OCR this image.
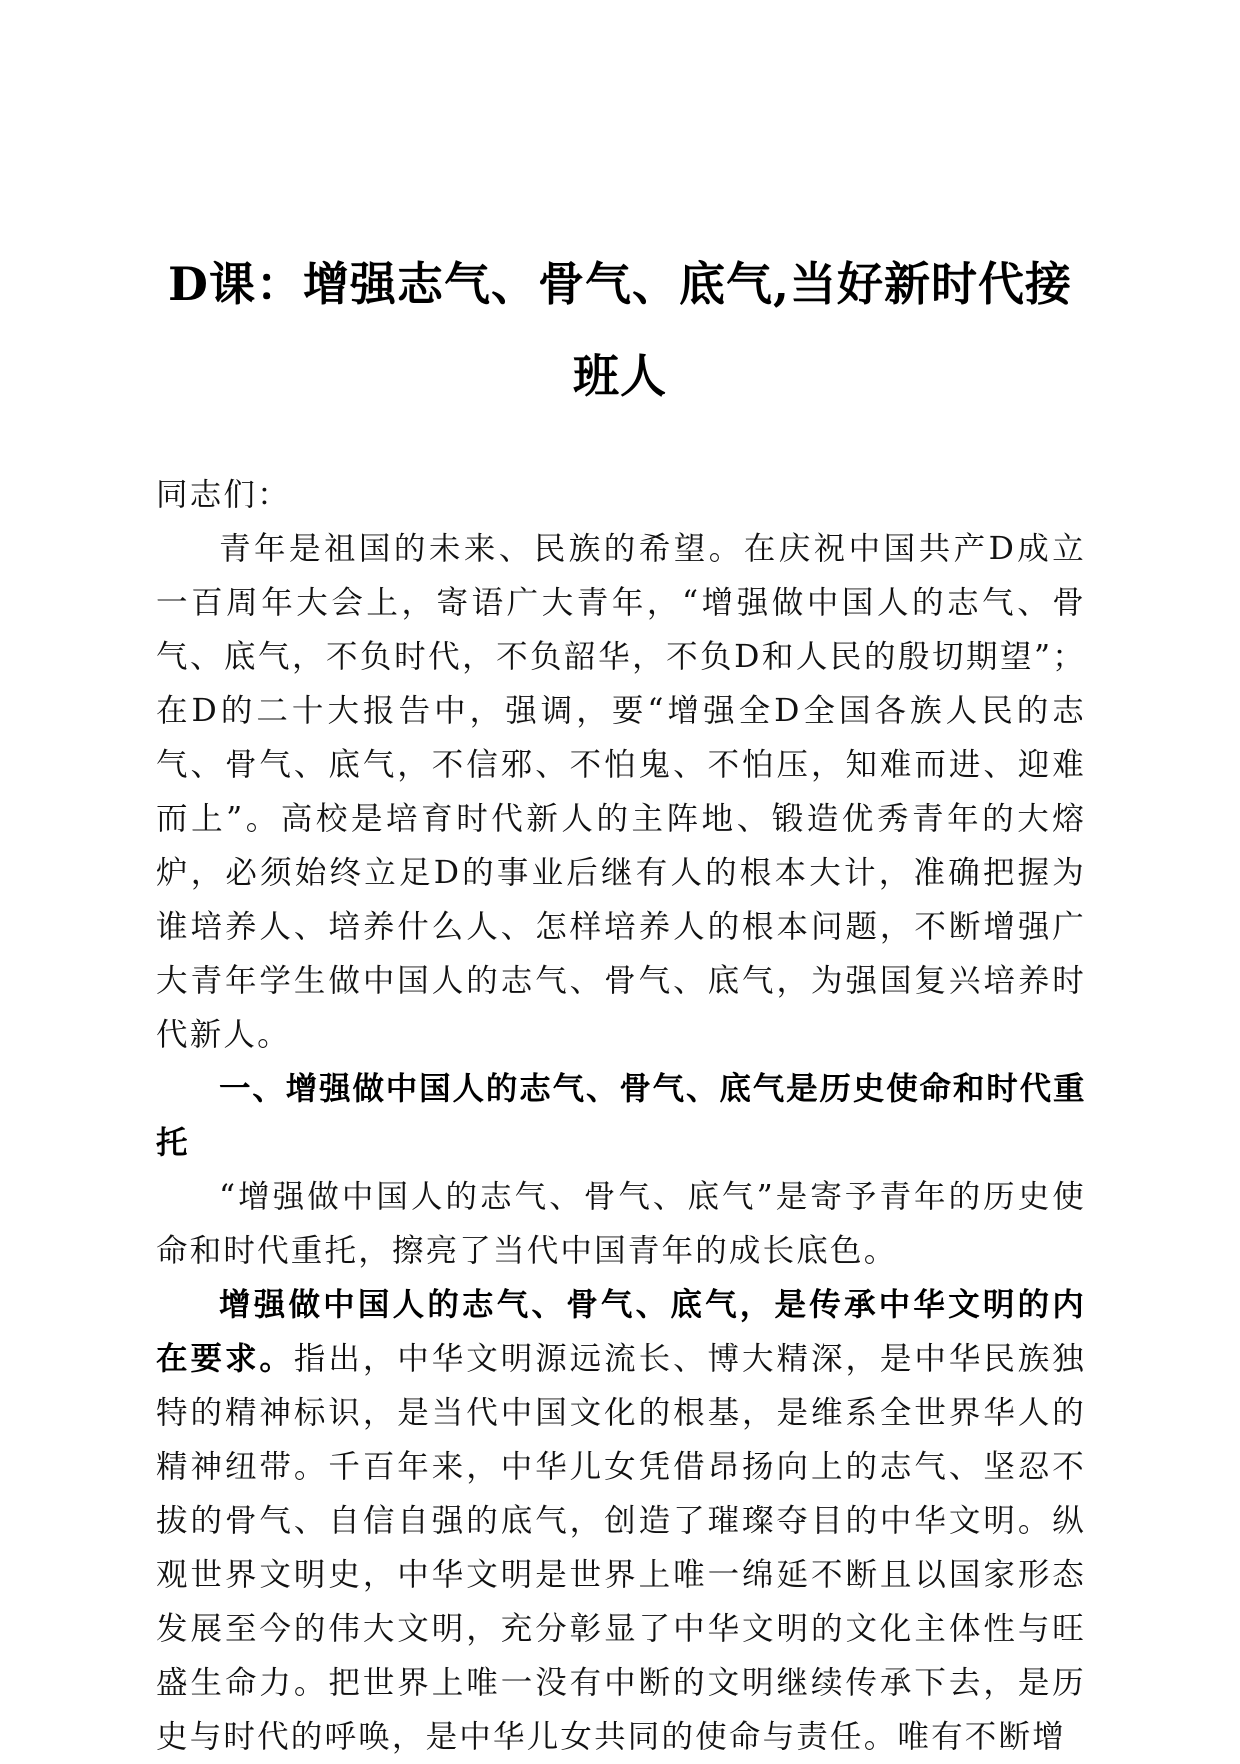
D课：增强志气、骨气、底气,当好新时代接班人

同志们：

青年是祖国的未来、民族的希望。在庆祝中国共产D成立一百周年大会上，寄语广大青年，“增强做中国人的志气、骨气、底气，不负时代，不负韶华，不负D和人民的殷切期望”；在D的二十大报告中，强调，要“增强全D全国各族人民的志气、骨气、底气，不信邪、不怕鬼、不怕压，知难而进、迎难而上”。高校是培育时代新人的主阵地、锻造优秀青年的大熔炉，必须始终立足D的事业后继有人的根本大计，准确把握为谁培养人、培养什么人、怎样培养人的根本问题，不断增强广大青年学生做中国人的志气、骨气、底气，为强国复兴培养时代新人。

一、增强做中国人的志气、骨气、底气是历史使命和时代重托

“增强做中国人的志气、骨气、底气”是寄予青年的历史使命和时代重托，擦亮了当代中国青年的成长底色。

增强做中国人的志气、骨气、底气，是传承中华文明的内在要求。指出，中华文明源远流长、博大精深，是中华民族独特的精神标识，是当代中国文化的根基，是维系全世界华人的精神纽带。千百年来，中华儿女凭借昂扬向上的志气、坚忍不拔的骨气、自信自强的底气，创造了璀璨夺目的中华文明。纵观世界文明史，中华文明是世界上唯一绵延不断且以国家形态发展至今的伟大文明，充分彰显了中华文明的文化主体性与旺盛生命力。把世界上唯一没有中断的文明继续传承下去，是历史与时代的呼唤，是中华儿女共同的使命与责任。唯有不断增
